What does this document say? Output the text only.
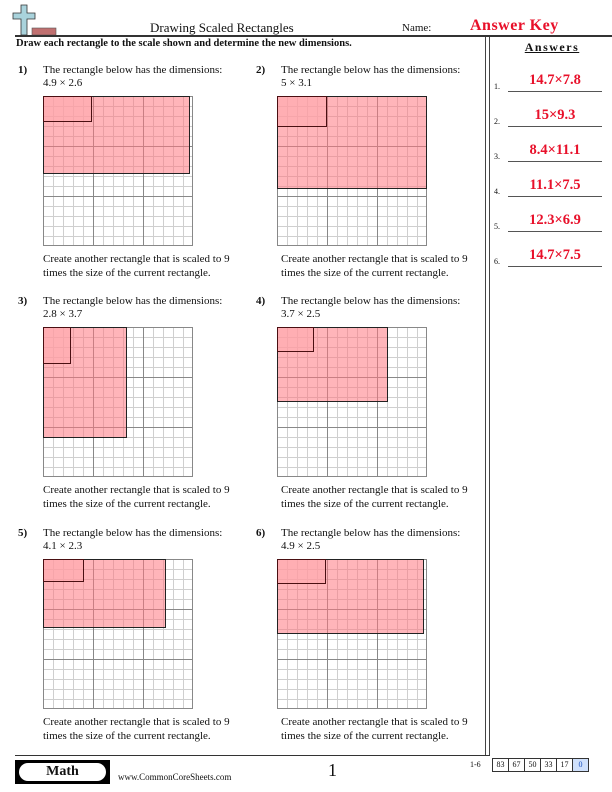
Drawing Scaled Rectangles	Name: Answer Key
Draw each rectangle to the scale shown and determine the new dimensions.	Answers
1.	14.7×7.8
2.	15×9.3
3.	8.4×11.1
4.	11.1×7.5
5.	12.3×6.9
6.	14.7×7.5
1) The rectangle below has the dimensions:
4.9 × 2.6
Create another rectangle that is scaled to 9 times the size of the current rectangle.
2) The rectangle below has the dimensions:
5 × 3.1
Create another rectangle that is scaled to 9 times the size of the current rectangle.
3) The rectangle below has the dimensions:
2.8 × 3.7
Create another rectangle that is scaled to 9 times the size of the current rectangle.
4) The rectangle below has the dimensions:
3.7 × 2.5
Create another rectangle that is scaled to 9 times the size of the current rectangle.
5) The rectangle below has the dimensions:
4.1 × 2.3
Create another rectangle that is scaled to 9 times the size of the current rectangle.
6) The rectangle below has the dimensions:
4.9 × 2.5
Create another rectangle that is scaled to 9 times the size of the current rectangle.
Math	www.CommonCoreSheets.com	1	1-6	83	67	50	33	17	0
